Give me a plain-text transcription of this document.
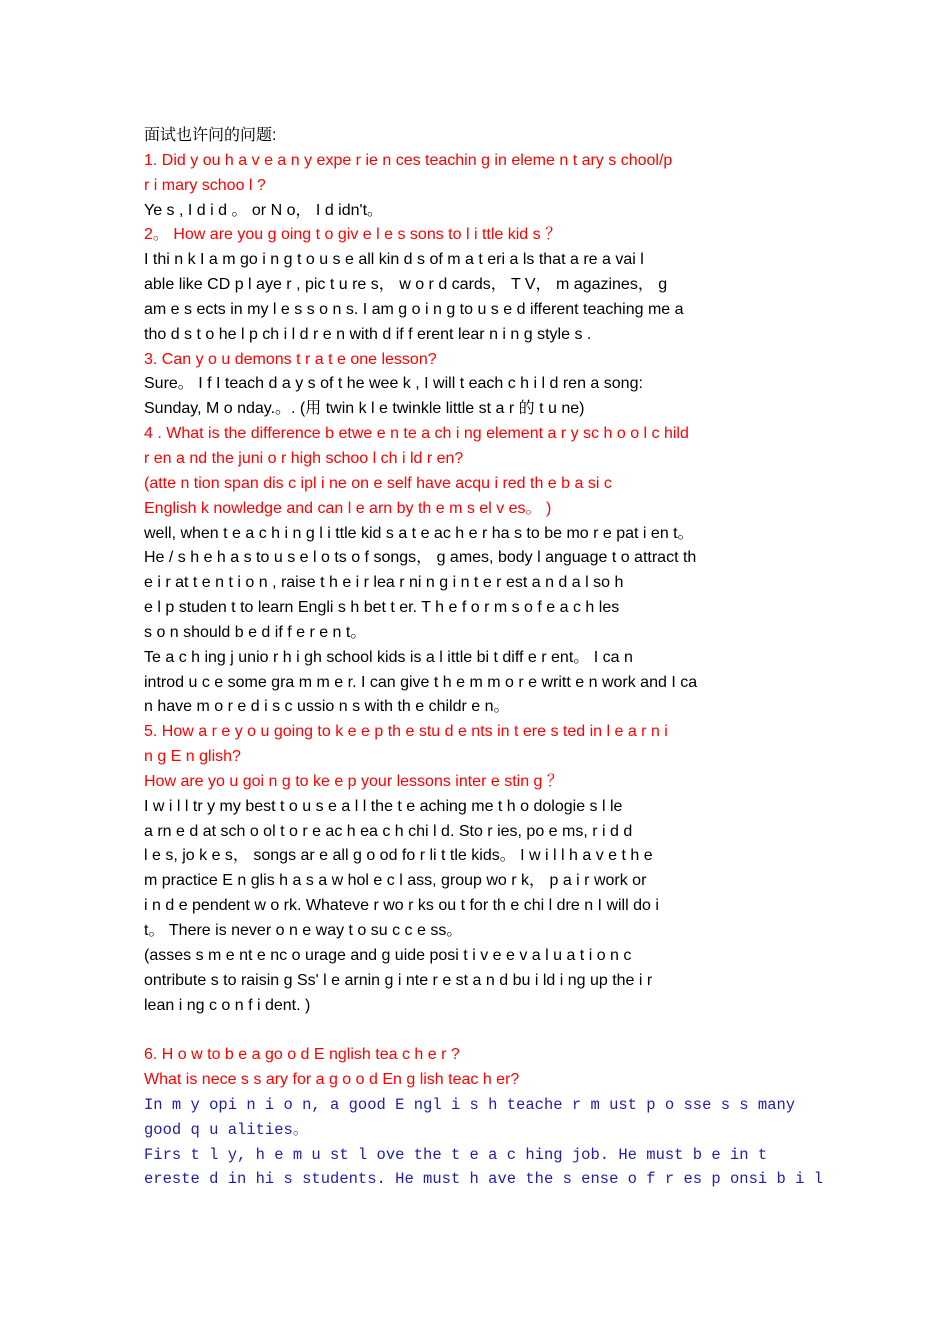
面试也许问的问题:
1. Did y ou h a v e a n y expe r ie n ces teachin g in eleme n t ary s chool/p
r i mary schoo l ?
Ye s , I d i d 。 or N o， I d idn't。
2。 How are you g oing t o giv e l e s sons to l i ttle kid s ？
I thi n k I a m go i n g t o u s e all kin d s of m a t eri a ls that a re a vai l
able like CD p l aye r , pic t u re s， w o r d cards， T V， m agazines， g
am e s ects in my l e s s o n s. I am g o i n g to u s e d ifferent teaching me a
tho d s t o he l p ch i l d r e n with d if f erent lear n i n g style s .
3. Can y o u demons t r a t e one lesson?
Sure。 I f I teach d a y s of t he wee k , I will t each c h i l d ren a song:
Sunday, M o nday.。. (用 twin k l e twinkle little st a r 的 t u ne)
4 . What is the difference b etwe e n te a ch i ng element a r y sc h o o l c hild
r en a nd the juni o r high schoo l ch i ld r en?
(atte n tion span dis c ipl i ne on e self have acqu i red th e b a si c
English k nowledge and can l e arn by th e m s el v es。 )
well, when t e a c h i n g l i ttle kid s a t e ac h e r ha s to be mo r e pat i en t。
He / s h e h a s to u s e l o ts o f songs， g ames, body l anguage t o attract th
e i r at t e n t i o n , raise t h e i r lea r ni n g i n t e r est a n d a l so h
e l p studen t to learn Engli s h bet t er. T h e f o r m s o f e a c h les
s o n should b e d if f e r e n t。
Te a c h ing j unio r h i gh school kids is a l ittle bi t diff e r ent。 I ca n
introd u c e some gra m m e r. I can give t h e m m o r e writt e n work and I ca
n have m o r e d i s c ussio n s with th e childr e n。
5. How a r e y o u going to k e e p th e stu d e nts in t ere s ted in l e a r n i
n g E n glish?
How are yo u goi n g to ke e p your lessons inter e stin g ？
I w i l l tr y my best t o u s e a l l the t e aching me t h o dologie s l le
a rn e d at sch o ol t o r e ac h ea c h chi l d. Sto r ies, po e ms, r i d d
l e s, jo k e s， songs ar e all g o od fo r li t tle kids。 I w i l l h a v e t h e
m practice E n glis h a s a w hol e c l ass, group wo r k， p a i r work or
i n d e pendent w o rk. Whateve r wo r ks ou t for th e chi l dre n I will do i
t。 There is never o n e way t o su c c e ss。
(asses s m e nt e nc o urage and g uide posi t i v e e v a l u a t i o n c
ontribute s to raisin g Ss' l e arnin g i nte r e st a n d bu i ld i ng up the i r
lean i ng c o n f i dent. )
6. H o w to b e a go o d E nglish tea c h e r ?
What is nece s s ary for a g o o d En g lish teac h er?
In m y opi n i o n, a good E ngl i s h teache r m ust p o sse s s many
good q u alities。
Firs t l y, h e m u st l ove the t e a c hing job. He must b e in t
ereste d in hi s students. He must h ave the s ense o f r es p onsi b i l
